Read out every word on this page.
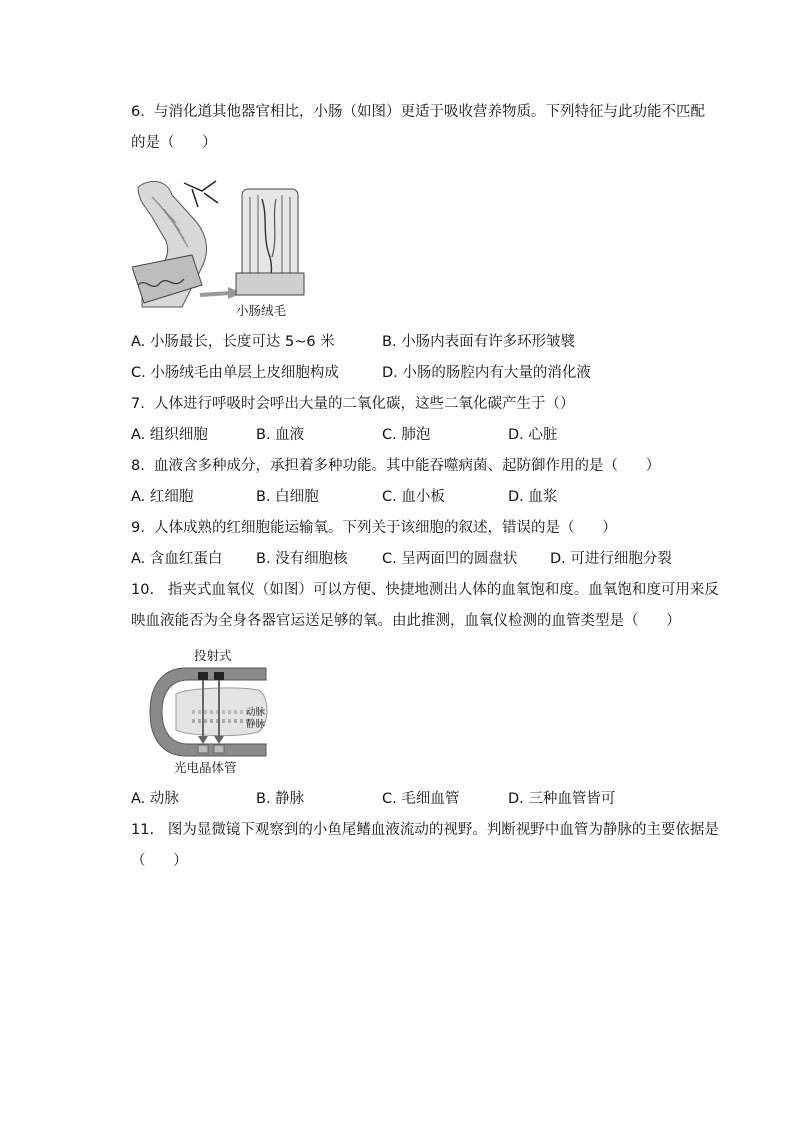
6.  与消化道其他器官相比，小肠（如图）更适于吸收营养物质。下列特征与此功能不匹配
的是（      ）
小肠绒毛
A. 小肠最长，长度可达 5~6 米	B. 小肠内表面有许多环形皱襞
C. 小肠绒毛由单层上皮细胞构成	D. 小肠的肠腔内有大量的消化液
7.  人体进行呼吸时会呼出大量的二氧化碳，这些二氧化碳产生于（）
A. 组织细胞	B. 血液	C. 肺泡	D. 心脏
8.  血液含多种成分，承担着多种功能。其中能吞噬病菌、起防御作用的是（      ）
A. 红细胞	B. 白细胞	C. 血小板	D. 血浆
9.  人体成熟的红细胞能运输氧。下列关于该细胞的叙述，错误的是（      ）
A. 含血红蛋白 B. 没有细胞核 C. 呈两面凹的圆盘状 D. 可进行细胞分裂
10.   指夹式血氧仪（如图）可以方便、快捷地测出人体的血氧饱和度。血氧饱和度可用来反
映血液能否为全身各器官运送足够的氧。由此推测，血氧仪检测的血管类型是（      ）
投射式
动脉
静脉
光电晶体管
A. 动脉	B. 静脉	C. 毛细血管	D. 三种血管皆可
11.   图为显微镜下观察到的小鱼尾鳍血液流动的视野。判断视野中血管为静脉的主要依据是
（      ）
